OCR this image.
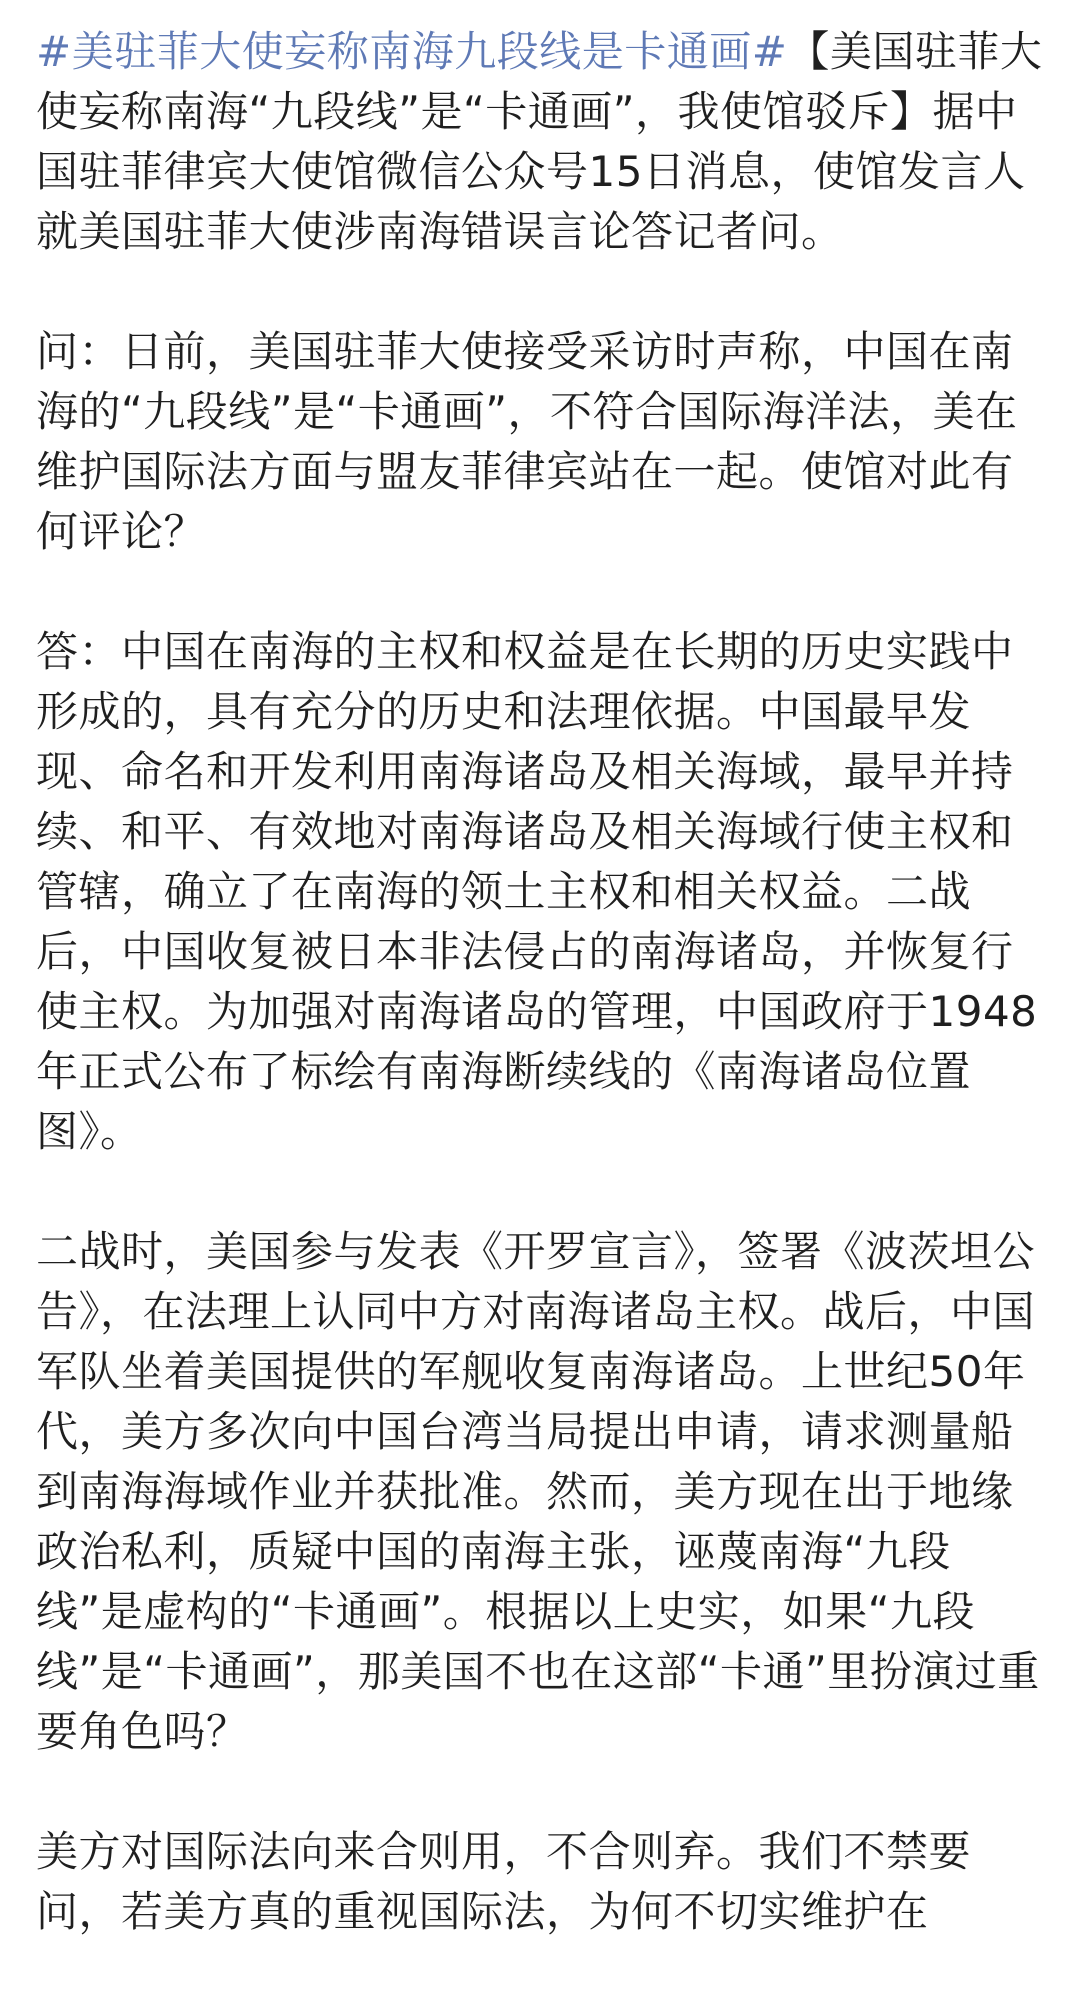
#美驻菲大使妄称南海九段线是卡通画#【美国驻菲大使妄称南海“九段线”是“卡通画”，我使馆驳斥】据中国驻菲律宾大使馆微信公众号15日消息，使馆发言人就美国驻菲大使涉南海错误言论答记者问。

问：日前，美国驻菲大使接受采访时声称，中国在南海的“九段线”是“卡通画”，不符合国际海洋法，美在维护国际法方面与盟友菲律宾站在一起。使馆对此有何评论？

答：中国在南海的主权和权益是在长期的历史实践中形成的，具有充分的历史和法理依据。中国最早发现、命名和开发利用南海诸岛及相关海域，最早并持续、和平、有效地对南海诸岛及相关海域行使主权和管辖，确立了在南海的领土主权和相关权益。二战后，中国收复被日本非法侵占的南海诸岛，并恢复行使主权。为加强对南海诸岛的管理，中国政府于1948年正式公布了标绘有南海断续线的《南海诸岛位置图》。

二战时，美国参与发表《开罗宣言》，签署《波茨坦公告》，在法理上认同中方对南海诸岛主权。战后，中国军队坐着美国提供的军舰收复南海诸岛。上世纪50年代，美方多次向中国台湾当局提出申请，请求测量船到南海海域作业并获批准。然而，美方现在出于地缘政治私利，质疑中国的南海主张，诬蔑南海“九段线”是虚构的“卡通画”。根据以上史实，如果“九段线”是“卡通画”，那美国不也在这部“卡通”里扮演过重要角色吗？

美方对国际法向来合则用，不合则弃。我们不禁要问，若美方真的重视国际法，为何不切实维护在
